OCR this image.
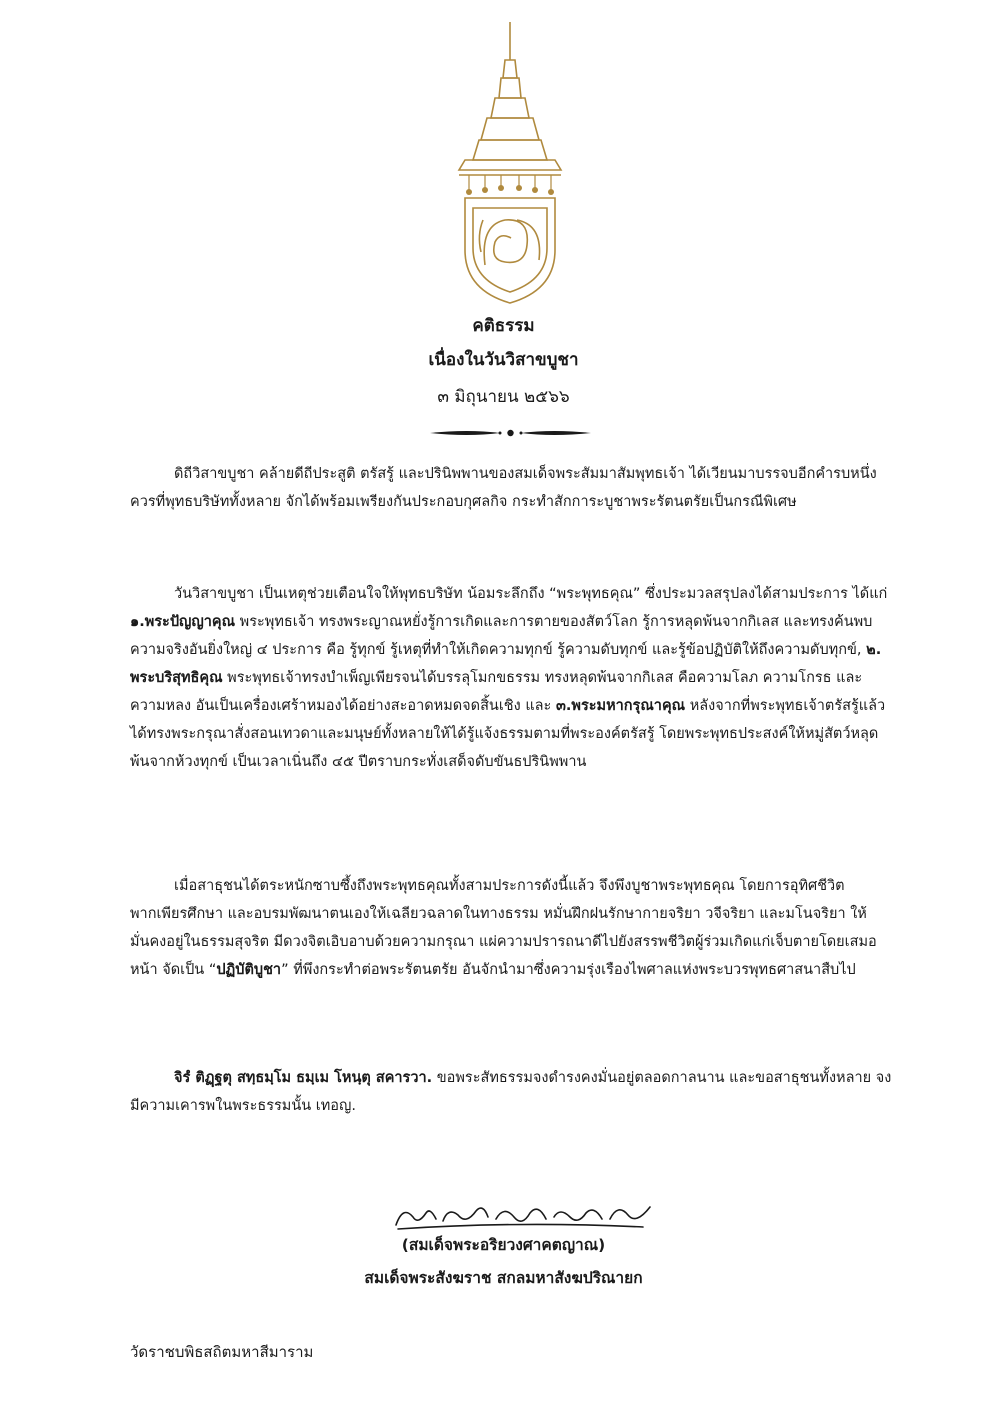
คติธรรม
เนื่องในวันวิสาขบูชา
๓ มิถุนายน ๒๕๖๖

ดิถีวิสาขบูชา คล้ายดีถีประสูติ ตรัสรู้ และปรินิพพานของสมเด็จพระสัมมาสัมพุทธเจ้า ได้เวียนมาบรรจบอีกคำรบหนึ่ง ควรที่พุทธบริษัททั้งหลาย จักได้พร้อมเพรียงกันประกอบกุศลกิจ กระทำสักการะบูชาพระรัตนตรัยเป็นกรณีพิเศษ

วันวิสาขบูชา เป็นเหตุช่วยเตือนใจให้พุทธบริษัท น้อมระลึกถึง “พระพุทธคุณ” ซึ่งประมวลสรุปลงได้สามประการ ได้แก่ ๑.พระปัญญาคุณ พระพุทธเจ้า ทรงพระญาณหยั่งรู้การเกิดและการตายของสัตว์โลก รู้การหลุดพ้นจากกิเลส และทรงค้นพบความจริงอันยิ่งใหญ่ ๔ ประการ คือ รู้ทุกข์ รู้เหตุที่ทำให้เกิดความทุกข์ รู้ความดับทุกข์ และรู้ข้อปฏิบัติให้ถึงความดับทุกข์, ๒. พระบริสุทธิคุณ พระพุทธเจ้าทรงบำเพ็ญเพียรจนได้บรรลุโมกขธรรม ทรงหลุดพ้นจากกิเลส คือความโลภ ความโกรธ และความหลง อันเป็นเครื่องเศร้าหมองได้อย่างสะอาดหมดจดสิ้นเชิง และ ๓.พระมหากรุณาคุณ หลังจากที่พระพุทธเจ้าตรัสรู้แล้ว ได้ทรงพระกรุณาสั่งสอนเทวดาและมนุษย์ทั้งหลายให้ได้รู้แจ้งธรรมตามที่พระองค์ตรัสรู้ โดยพระพุทธประสงค์ให้หมู่สัตว์หลุดพ้นจากห้วงทุกข์ เป็นเวลาเนิ่นถึง ๔๕ ปีตราบกระทั่งเสด็จดับขันธปรินิพพาน

เมื่อสาธุชนได้ตระหนักซาบซึ้งถึงพระพุทธคุณทั้งสามประการดังนี้แล้ว จึงพึงบูชาพระพุทธคุณ โดยการอุทิศชีวิตพากเพียรศึกษา และอบรมพัฒนาตนเองให้เฉลียวฉลาดในทางธรรม หมั่นฝึกฝนรักษากายจริยา วจีจริยา และมโนจริยา ให้มั่นคงอยู่ในธรรมสุจริต มีดวงจิตเอิบอาบด้วยความกรุณา แผ่ความปรารถนาดีไปยังสรรพชีวิตผู้ร่วมเกิดแก่เจ็บตายโดยเสมอหน้า จัดเป็น “ปฏิบัติบูชา” ที่พึงกระทำต่อพระรัตนตรัย อันจักนำมาซึ่งความรุ่งเรืองไพศาลแห่งพระบวรพุทธศาสนาสืบไป

จิรํ ติฏฺฐตุ สทฺธมฺโม ธมฺเม โหนฺตุ สคารวา. ขอพระสัทธรรมจงดำรงคงมั่นอยู่ตลอดกาลนาน และขอสาธุชนทั้งหลาย จงมีความเคารพในพระธรรมนั้น เทอญ.

(สมเด็จพระอริยวงศาคตญาณ)
สมเด็จพระสังฆราช สกลมหาสังฆปริณายก
วัดราชบพิธสถิตมหาสีมาราม
